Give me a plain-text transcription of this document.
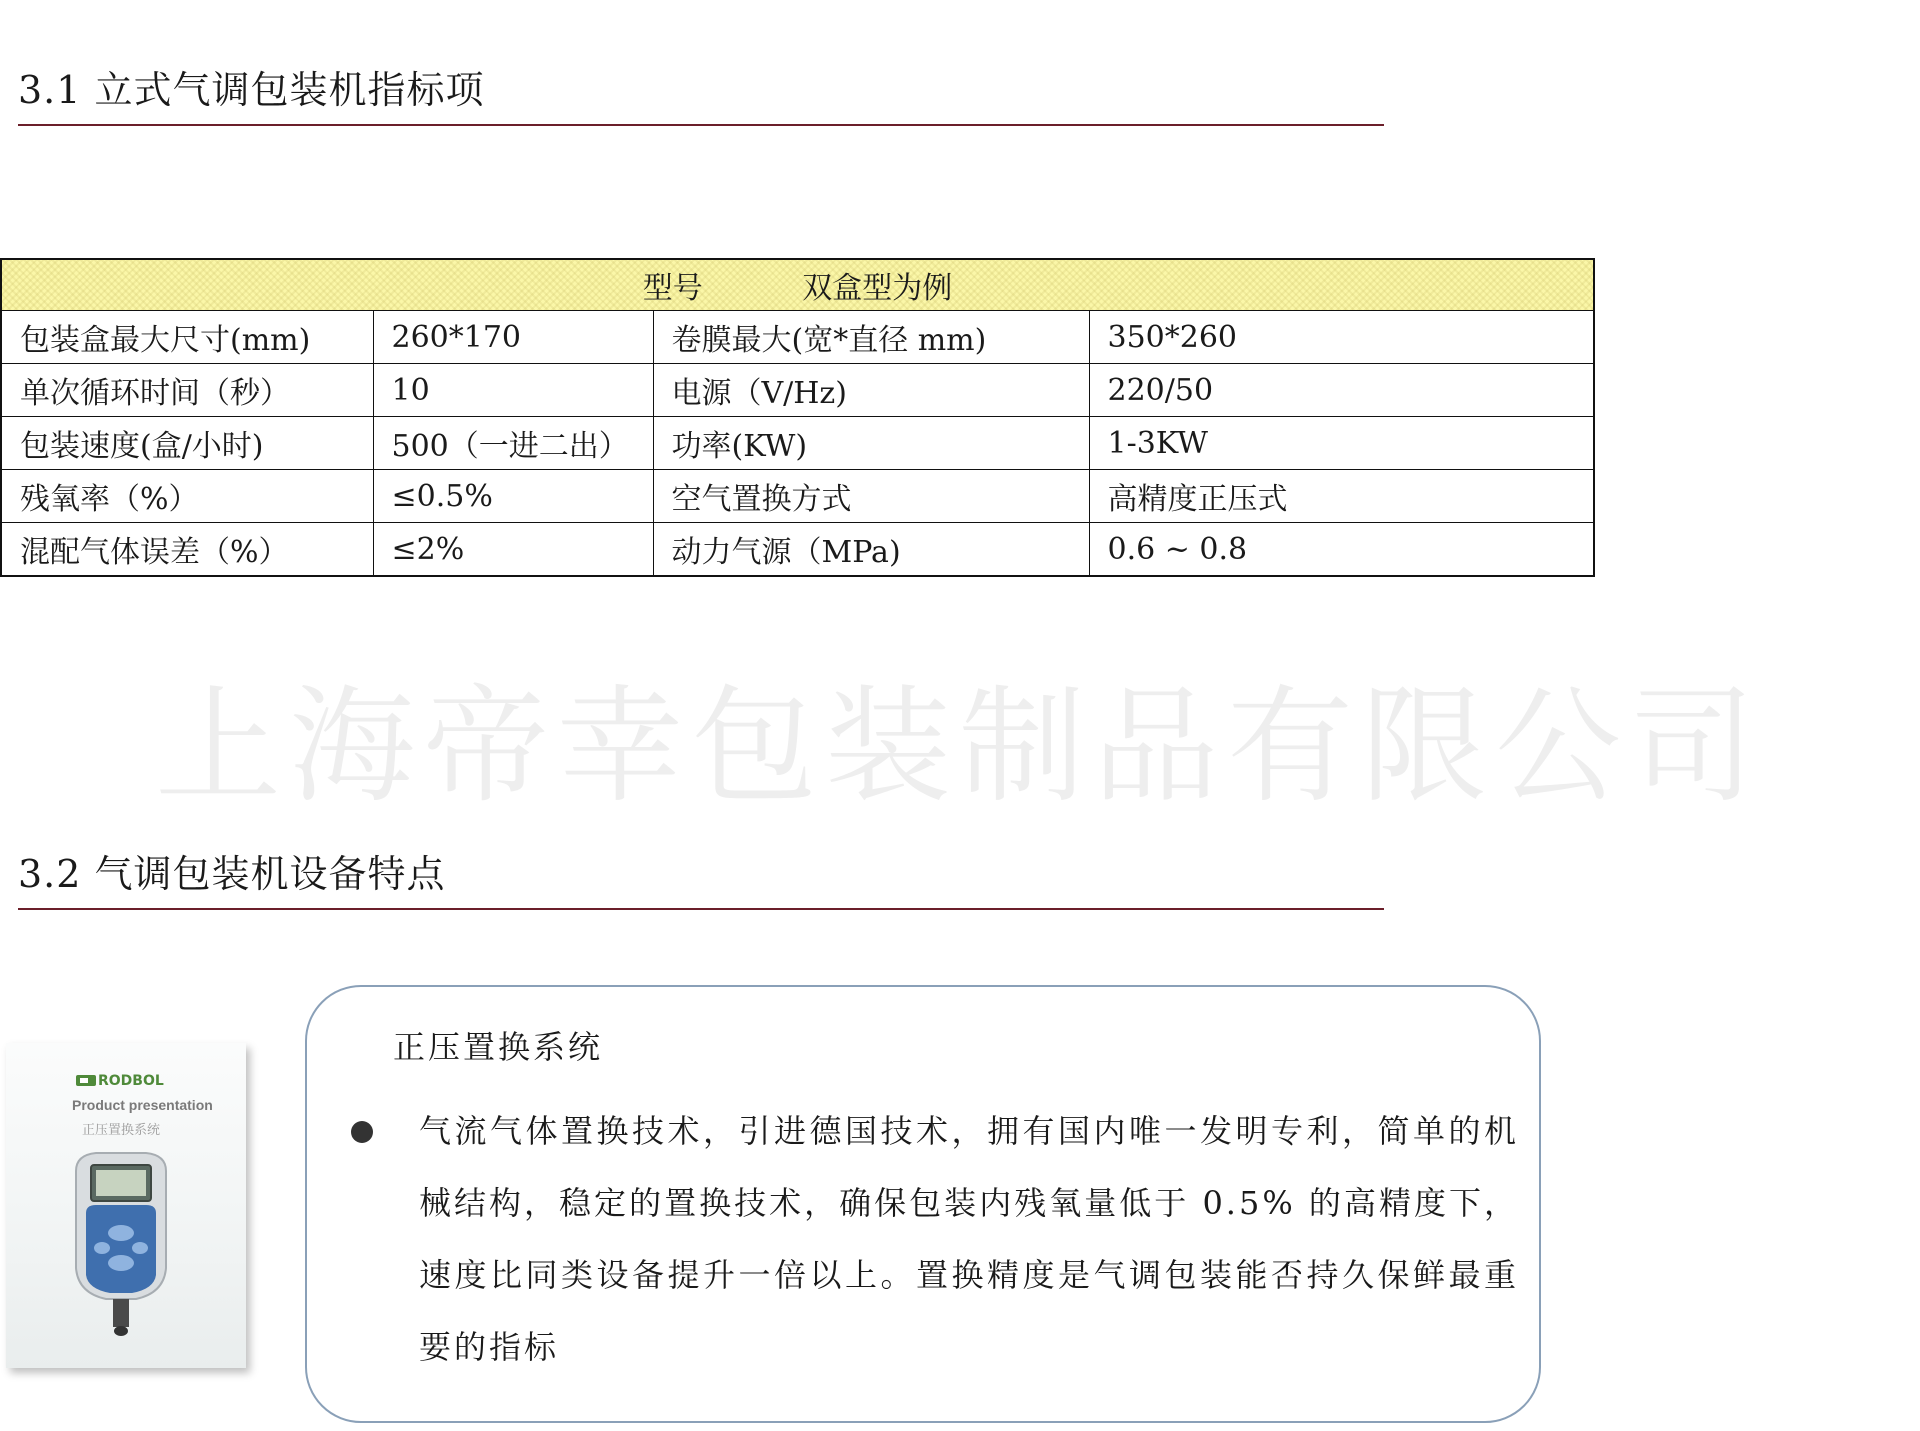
3.1 立式气调包装机指标项
型号 双盒型为例			
包装盒最大尺寸(mm)	260*170	卷膜最大(宽*直径 mm)	350*260
单次循环时间（秒）	10	电源（V/Hz)	220/50
包装速度(盒/小时)	500（一进二出）	功率(KW)	1-3KW
残氧率（%）	≤0.5%	空气置换方式	高精度正压式
混配气体误差（%）	≤2%	动力气源（MPa)	0.6 ~ 0.8
上海帝幸包装制品有限公司
3.2 气调包装机设备特点
RODBOL
Product presentation
正压置换系统
正压置换系统
气流气体置换技术，引进德国技术，拥有国内唯一发明专利，简单的机械结构，稳定的置换技术，确保包装内残氧量低于 0.5% 的高精度下，速度比同类设备提升一倍以上。置换精度是气调包装能否持久保鲜最重要的指标
